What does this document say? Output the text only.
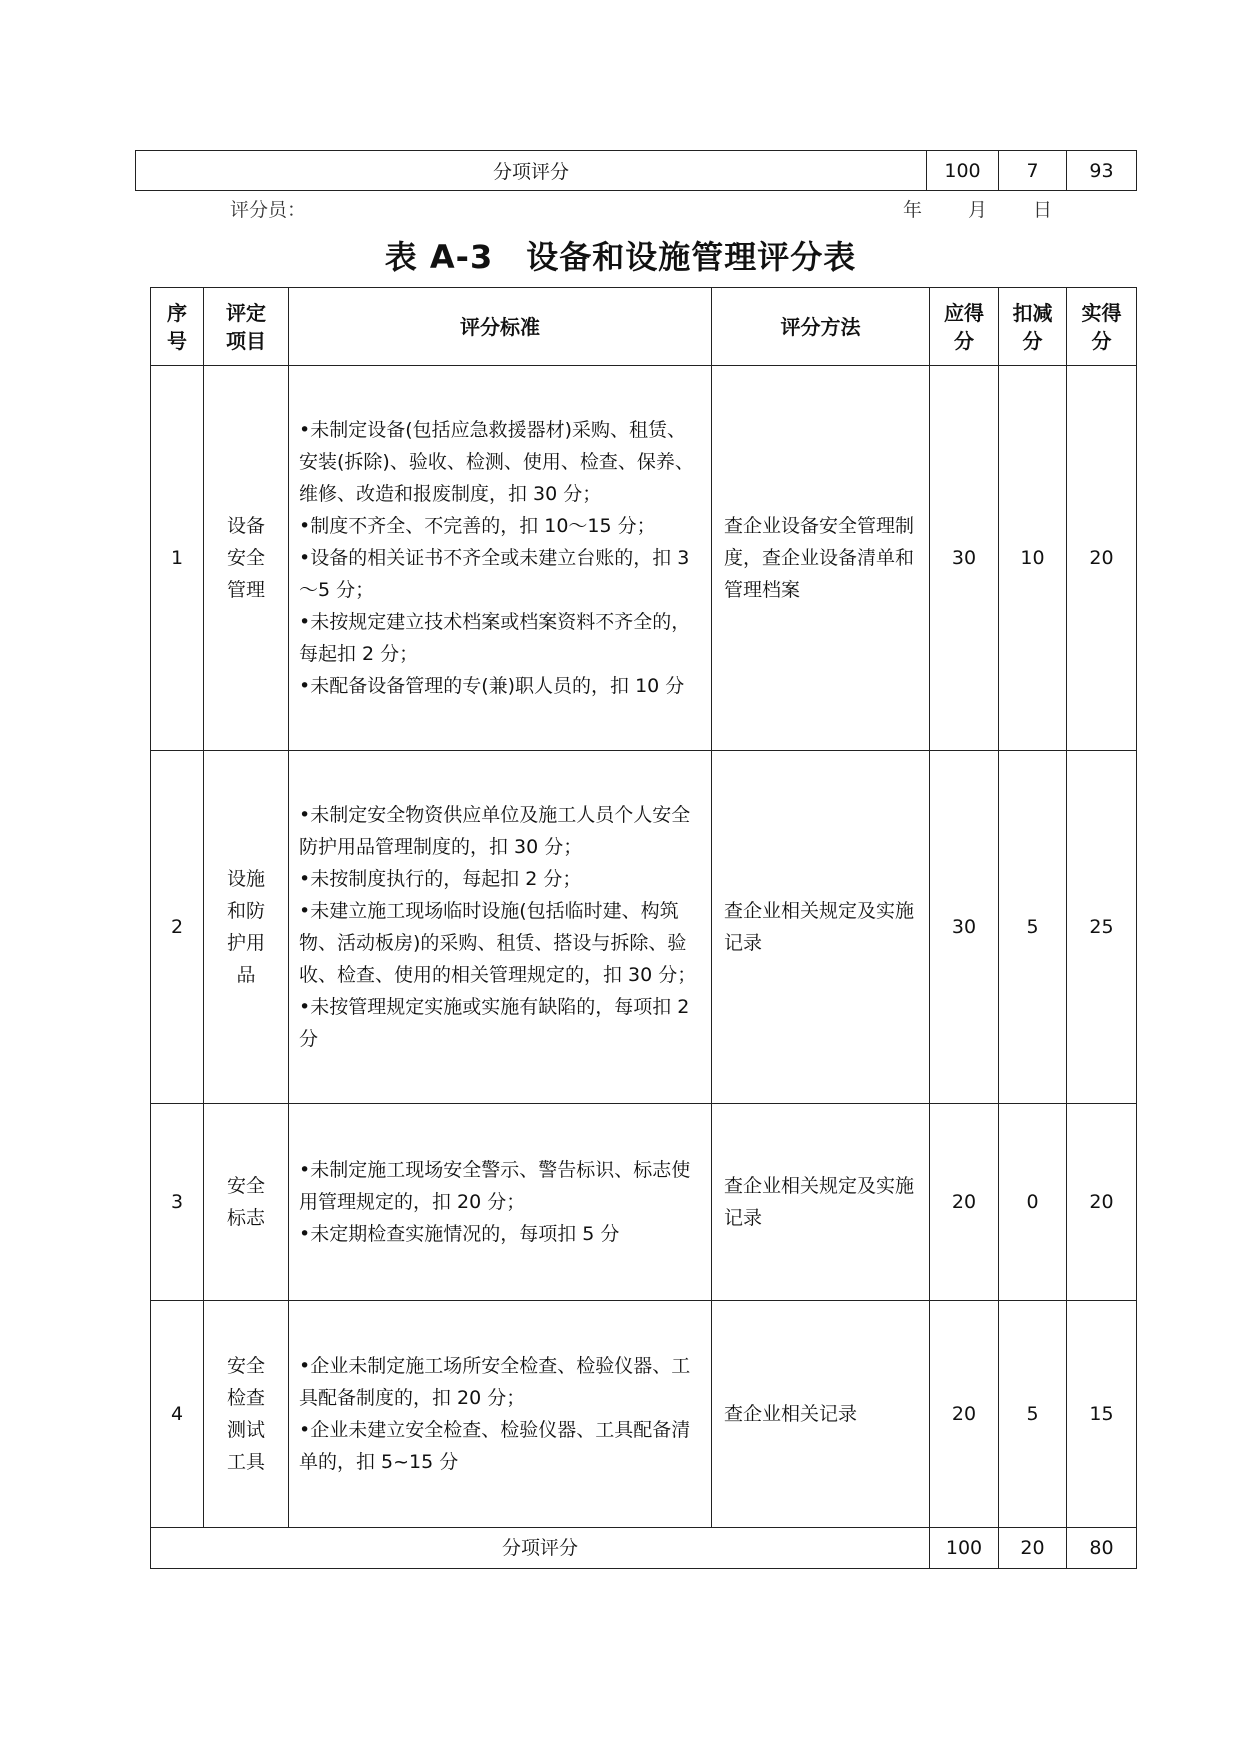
分项评分	100	7	93
评分员：	年 月 日
表 A-3　设备和设施管理评分表
序号	评定项目	评分标准	评分方法	应得分	扣减分	实得分
1	设备安全管理	•未制定设备(包括应急救援器材)采购、租赁、安装(拆除)、验收、检测、使用、检查、保养、维修、改造和报废制度，扣 30 分；
•制度不齐全、不完善的，扣 10～15 分；
•设备的相关证书不齐全或未建立台账的，扣 3～5 分；
•未按规定建立技术档案或档案资料不齐全的，每起扣 2 分；
•未配备设备管理的专(兼)职人员的，扣 10 分	查企业设备安全管理制度，查企业设备清单和管理档案	30	10	20
2	设施和防护用品	•未制定安全物资供应单位及施工人员个人安全防护用品管理制度的，扣 30 分；
•未按制度执行的，每起扣 2 分；
•未建立施工现场临时设施(包括临时建、构筑物、活动板房)的采购、租赁、搭设与拆除、验收、检查、使用的相关管理规定的，扣 30 分；
•未按管理规定实施或实施有缺陷的，每项扣 2 分	查企业相关规定及实施记录	30	5	25
3	安全标志	•未制定施工现场安全警示、警告标识、标志使用管理规定的，扣 20 分；
•未定期检查实施情况的，每项扣 5 分	查企业相关规定及实施记录	20	0	20
4	安全检查测试工具	•企业未制定施工场所安全检查、检验仪器、工具配备制度的，扣 20 分；
•企业未建立安全检查、检验仪器、工具配备清单的，扣 5~15 分	查企业相关记录	20	5	15
分项评分				100	20	80
